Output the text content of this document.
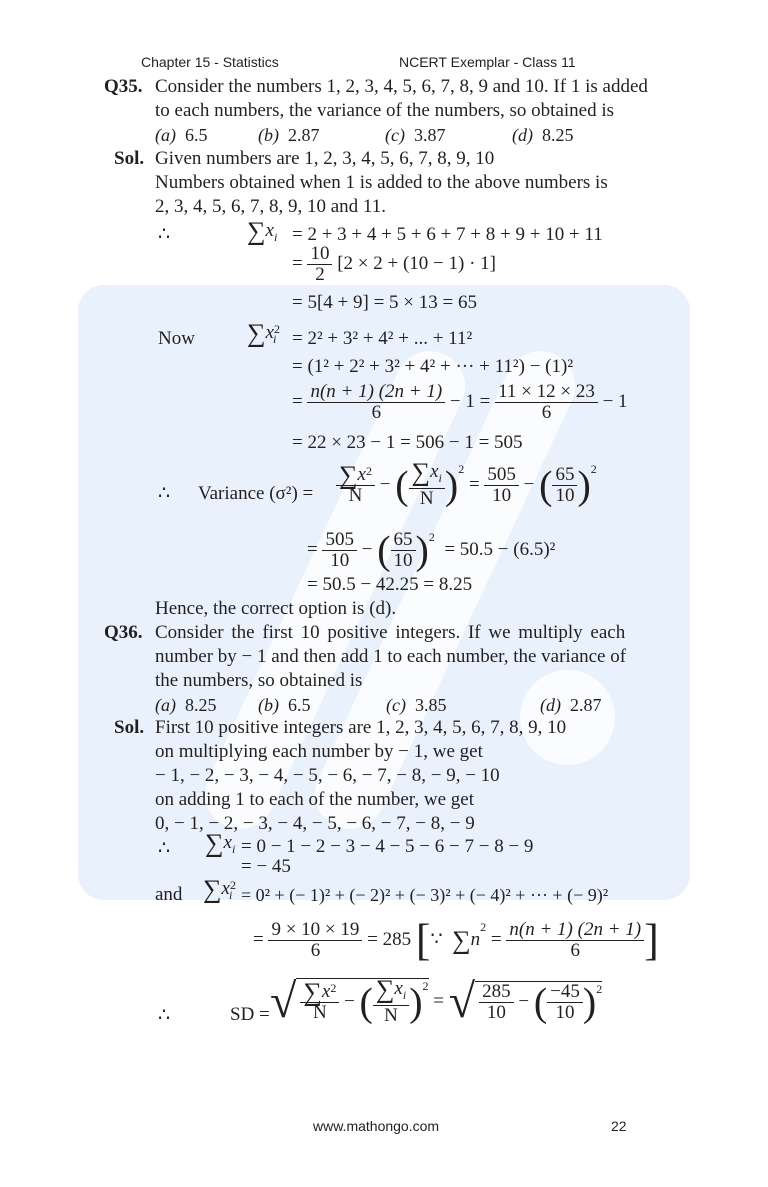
Chapter 15 - Statistics	NCERT Exemplar - Class 11
Q35. Consider the numbers 1, 2, 3, 4, 5, 6, 7, 8, 9 and 10. If 1 is added
to each numbers, the variance of the numbers, so obtained is
(a) 6.5	(b) 2.87	(c) 3.87	(d) 8.25
Sol. Given numbers are 1, 2, 3, 4, 5, 6, 7, 8, 9, 10
Numbers obtained when 1 is added to the above numbers is
2, 3, 4, 5, 6, 7, 8, 9, 10 and 11.
∴	$\sum x_i = 2 + 3 + 4 + 5 + 6 + 7 + 8 + 9 + 10 + 11$
= $\frac{10}{2} [2 \times 2 + (10 - 1) \cdot 1]$
= 5[4 + 9] = 5 × 13 = 65
Now $\sum x^2_i = 2^2 + 3^2 + 4^2$ + ... + 11²
= (1² + 2² + 3² + 4² + ··· + 11²) − (1)²
= $\frac{n(n + 1) (2n + 1)}{6} - 1 = \frac{11 \times 12 \times 23}{6} - 1$
= 22 × 23 − 1 = 506 − 1 = 505
∴ Variance $(\sigma^2) = \frac{\sum x^2}{N}$ − ( $\frac{\sum x_i}{N} )^2 = \frac{505}{10}$ − ( $\frac{65}{10} )^2$
= $\frac{505}{10}$ − ( $\frac{65}{10} )^2 = 50.5 - (6.5)^2$
= 50.5 − 42.25 = 8.25
Hence, the correct option is (d).
Q36. Consider the first 10 positive integers. If we multiply each
number by − 1 and then add 1 to each number, the variance of
the numbers, so obtained is
(a) 8.25 (b) 6.5	(c) 3.85	(d) 2.87
Sol. First 10 positive integers are 1, 2, 3, 4, 5, 6, 7, 8, 9, 10
on multiplying each number by − 1, we get
− 1, − 2, − 3, − 4, − 5, − 6, − 7, − 8, − 9, − 10
on adding 1 to each of the number, we get
0, − 1, − 2, − 3, − 4, − 5, − 6, − 7, − 8, − 9
∴ $\sum x_i = 0 - 1 - 2 - 3 - 4 - 5 - 6 - 7 - 8 - 9$
= − 45
and $\sum x^2_i = 0^2$ + (− 1)² + (− 2)² + (− 3)² + (− 4)² + ··· + (− 9)²
= $\frac{9 \times 10 \times 19}{6} = 285$ [∵ $\sum n^2 = \frac{n(n + 1) (2n + 1)}{6}$ ]
∴	SD = √ $\frac{\sum x^2}{N}$ − ( $\frac{\sum x_i}{N} )^2$ = √ $\frac{285}{10}$ − ( $\frac{-45}{10} )^2$
www.mathongo.com	22
